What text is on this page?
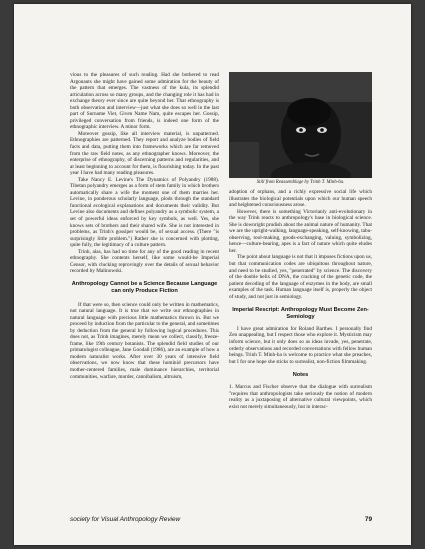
vious to the pleasures of such reading. Had she bothered to read Argonauts she might have gained some admiration for the beauty of the pattern that emerges. The vastness of the kula, its splendid articulation across so many groups, and the changing role it has had in exchange theory ever since are quite beyond her. That ethnography is both observation and interview—just what she does so well in the last part of Surname Viet, Given Name Nam, quite escapes her. Gossip, privileged conversation from friends, is indeed one form of the ethnographic interview. A minor form.

Moreover gossip, like all interview material, is unpatterned. Ethnographies are patterned. They report and analyze bodies of field facts and data, putting them into frameworks which are far removed from the raw field notes, as any ethnographer knows. Moreover, the enterprise of ethnography, of discerning patterns and regularities, and at least beginning to account for them, is flourishing today. In the past year I have had many reading pleasures.

Take Nancy E. Levine's The Dynamics of Polyandry (1988). Tibetan polyandry emerges as a form of stem family in which brothers automatically share a wife the moment one of them marries her. Levine, in ponderous scholarly language, plods through the standard functional ecological explanations and documents their validity. But Levine also documents and defines polyandry as a symbolic system, a set of powerful ideas enforced by key symbols, as well. Yes, she knows sets of brothers and their shared wife. She is not interested in problems, as Trinh's gossiper would be, of sexual access. (There "is surprisingly little problem.") Rather she is concerned with plotting, quite fully, the legitimacy of a culture pattern.

Trinh, alas, has had no time for any of the good reading in recent ethnography. She contents herself, like some would-be Imperial Censor, with clucking reprovingly over the details of sexual behavior recorded by Malinowski.

Anthropology Cannot be a Science Because Language can only Produce Fiction

If that were so, then science could only be written in mathematics, not natural language. It is true that we write our ethnographies in natural language with precious little mathematics thrown in. But we proceed by induction from the particular to the general, and sometimes by deduction from the general by following logical procedures. This does not, as Trinh imagines, merely mean we collect, classify, freeze-frame, like 19th century botanists. The splendid field studies of our primatologist colleague, Jane Goodall (1986), are an example of how a modern naturalist works. After over 30 years of intensive field observations, we now know that these hominid precursors have mother-centered families, male dominance hierarchies, territorial communities, warfare, murder, cannibalism, altruism,

Still from Reassemblage by Trinh T. Minh-ha.

adoption of orphans, and a richly expressive social life which illustrates the biological potentials upon which our human speech and heightened consciousness arose.

However, there is something Victorianly anti-evolutionary in the way Trinh reacts to anthropology's base in biological science. She is downright prudish about the animal nature of humanity. That we are the upright-walking, language-speaking, self-knowing, tabu-observing, tool-making, goods-exchanging, valuing, symbolizing, hence—culture-bearing, apes is a fact of nature which quite eludes her.

The point about language is not that it imposes fictions upon us, but that communication codes are ubiquitous throughout nature, and need to be studied, yes, "penetrated" by science. The discovery of the double helix of DNA, the cracking of the genetic code, the patient decoding of the language of enzymes in the body, are small examples of the task. Human language itself is, properly the object of study, and not just in semiology.

Imperial Rescript: Anthropology Must Become Zen-Semiology

I have great admiration for Roland Barthes. I personally find Zen unappealing, but I respect those who explore it. Mysticism may inform science, but it only does so as ideas invade, yes, penetrate, orderly observations and recorded conversations with fellow human beings. Trinh T. Minh-ha is welcome to practice what she preaches, but I for one hope she sticks to surrealist, non-fiction filmmaking.

Notes

1. Marcus and Fischer observe that the dialogue with surrealism "requires that anthropologists take seriously the notion of modern reality as a juxtaposing of alternative cultural viewpoints, which exist not merely simultaneously, but in interac-

society for Visual Anthropology Review	79
